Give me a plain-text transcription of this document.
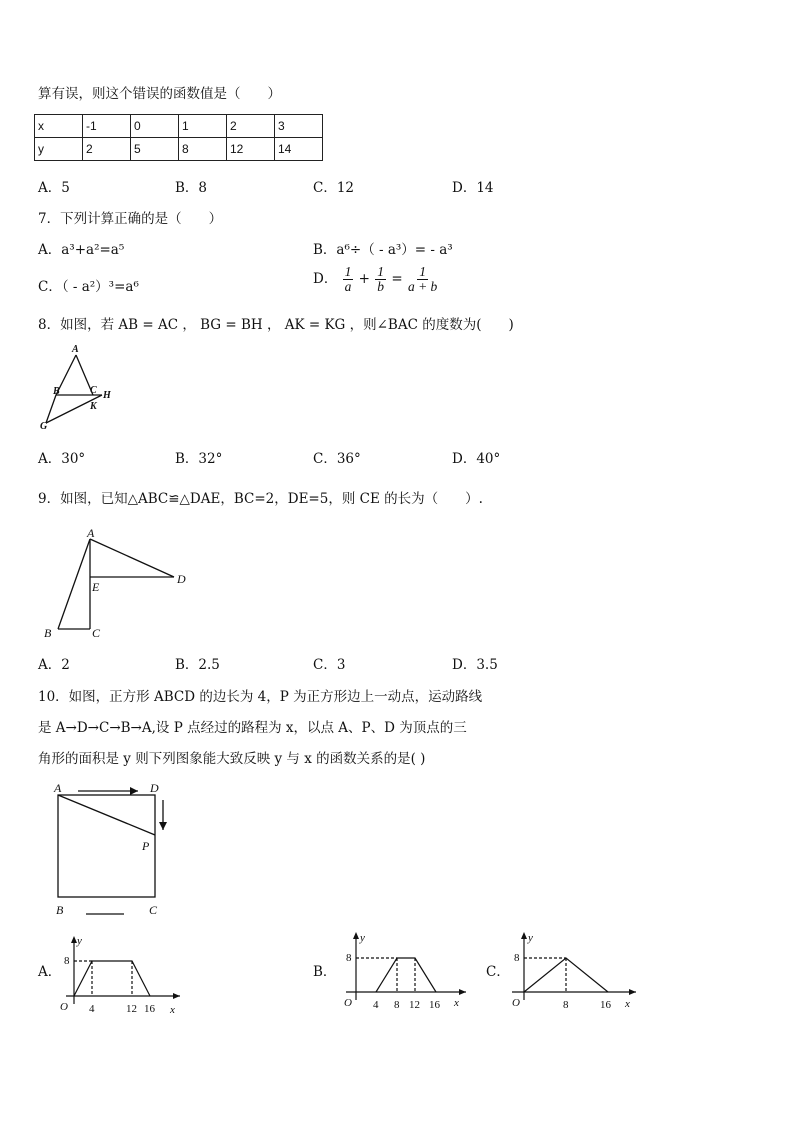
算有误，则这个错误的函数值是（　　）
x	-1	0	1	2	3
y	2	5	8	12	14
A．5	B．8	C．12	D．14
7．下列计算正确的是（　　）
A．a³+a²=a⁵	B．a⁶÷（ - a³）= - a³
C．（ - a²）³=a⁶	D． $\frac{1}{a} + \frac{1}{b} = \frac{1}{a + b}$
8．如图，若 AB = AC ， BG = BH ， AK = KG ，则∠BAC 的度数为(　　)
A
B	C H
K
G
A．30°	B．32°	C．36°	D．40°
9．如图，已知△ABC≌△DAE，BC=2，DE=5，则 CE 的长为（　　）.
A
D
E
B	C
A．2	B．2.5	C．3	D．3.5
10．如图，正方形 ABCD 的边长为 4，P 为正方形边上一动点，运动路线
是 A→D→C→B→A,设 P 点经过的路程为 x，以点 A、P、D 为顶点的三
角形的面积是 y 则下列图象能大致反映 y 与 x 的函数关系的是( )
A	D
P
B	C
A．
y
8
O 4	12 16 x
B．
y
8
O 4 8 12 16 x
C．
y
8
O	8	16 x
